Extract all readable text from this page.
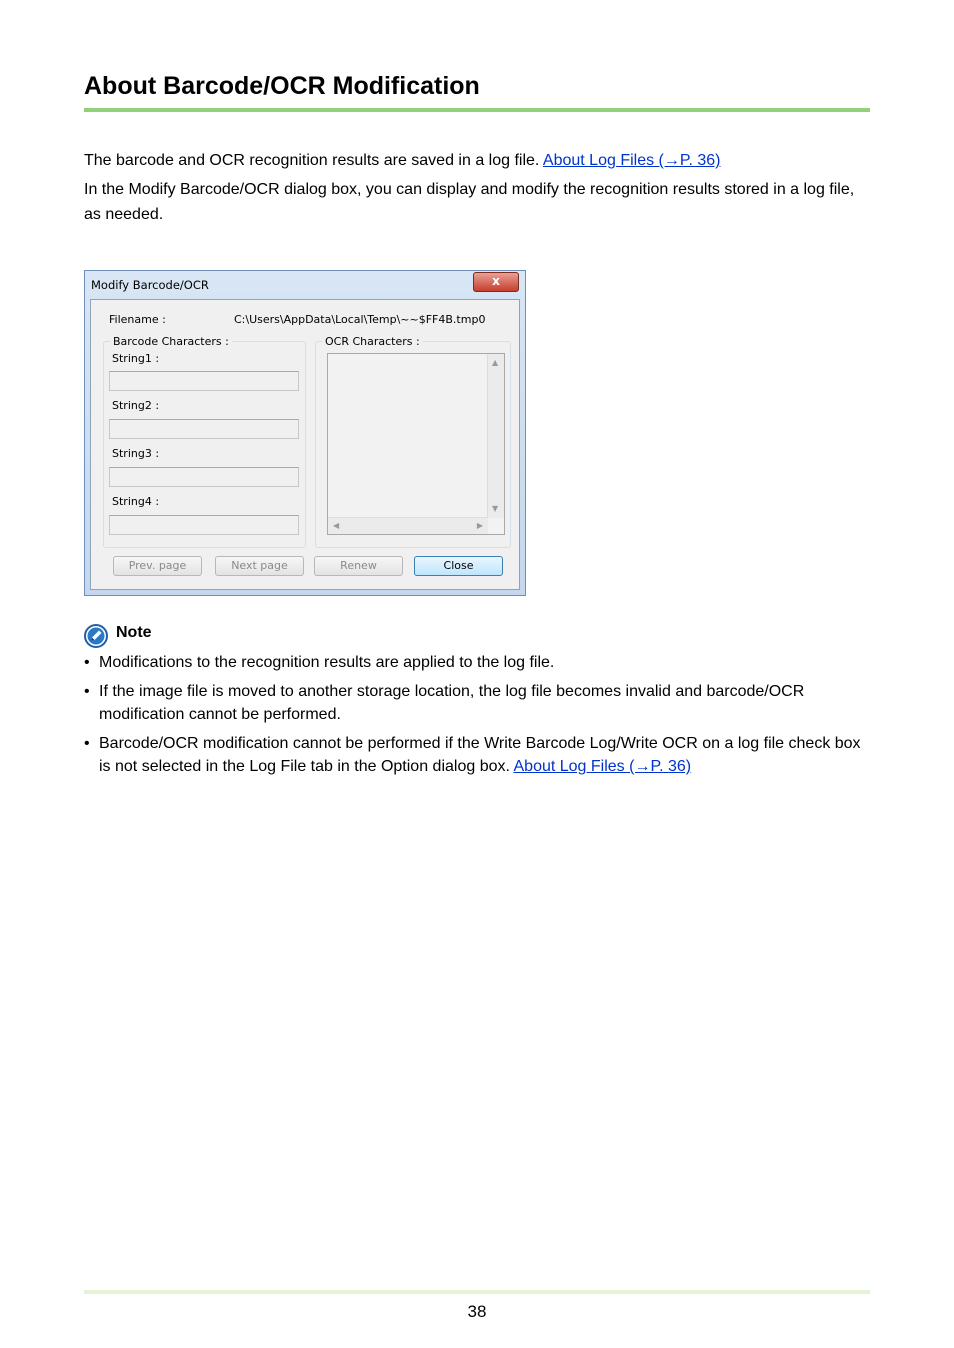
About Barcode/OCR Modification

The barcode and OCR recognition results are saved in a log file. About Log Files (→P. 36)

In the Modify Barcode/OCR dialog box, you can display and modify the recognition results stored in a log file, as needed.

Modify Barcode/OCR	x
Filename :	C:\Users\AppData\Local\Temp\~~$FF4B.tmp0
Barcode Characters :
String1 :
String2 :
String3 :
String4 :
OCR Characters :
▲
▼
◀	▶
Prev. page	Next page	Renew	Close
Note
• Modifications to the recognition results are applied to the log file.
• If the image file is moved to another storage location, the log file becomes invalid and barcode/OCR modification cannot be performed.
• Barcode/OCR modification cannot be performed if the Write Barcode Log/Write OCR on a log file check box is not selected in the Log File tab in the Option dialog box. About Log Files (→P. 36)
38
